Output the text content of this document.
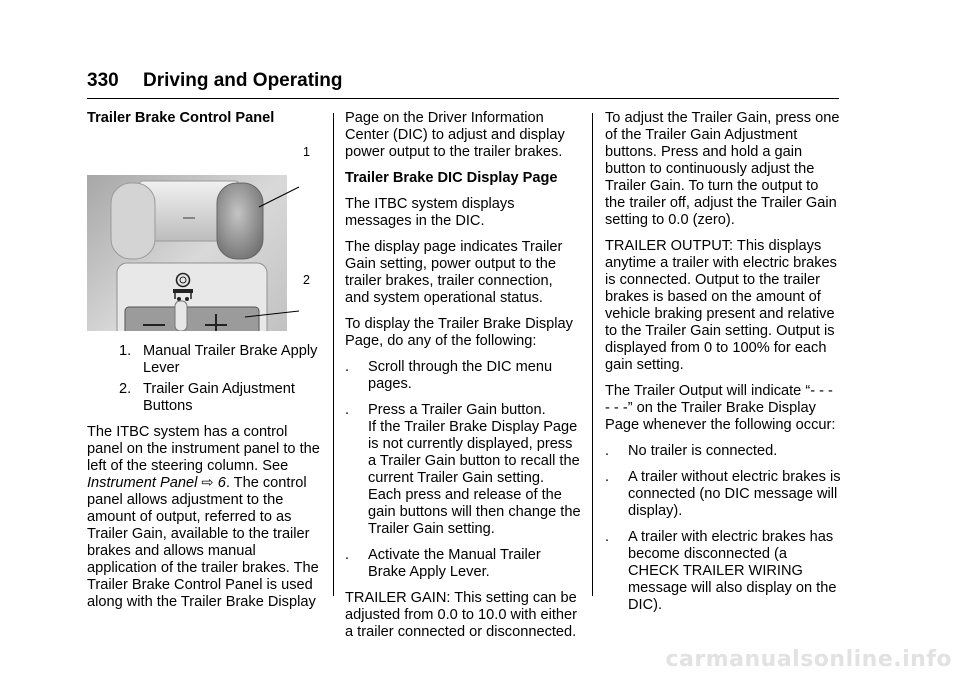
330 Driving and Operating
Trailer Brake Control Panel
1
2
1. Manual Trailer Brake Apply Lever
2. Trailer Gain Adjustment Buttons

The ITBC system has a control panel on the instrument panel to the left of the steering column. See Instrument Panel ⇨ 6. The control panel allows adjustment to the amount of output, referred to as Trailer Gain, available to the trailer brakes and allows manual application of the trailer brakes. The Trailer Brake Control Panel is used along with the Trailer Brake Display

Page on the Driver Information Center (DIC) to adjust and display power output to the trailer brakes.

Trailer Brake DIC Display Page

The ITBC system displays messages in the DIC.

The display page indicates Trailer Gain setting, power output to the trailer brakes, trailer connection, and system operational status.

To display the Trailer Brake Display Page, do any of the following:

. Scroll through the DIC menu pages.
. Press a Trailer Gain button.
If the Trailer Brake Display Page is not currently displayed, press a Trailer Gain button to recall the current Trailer Gain setting. Each press and release of the gain buttons will then change the Trailer Gain setting.
. Activate the Manual Trailer Brake Apply Lever.

TRAILER GAIN: This setting can be adjusted from 0.0 to 10.0 with either a trailer connected or disconnected.

To adjust the Trailer Gain, press one of the Trailer Gain Adjustment buttons. Press and hold a gain button to continuously adjust the Trailer Gain. To turn the output to the trailer off, adjust the Trailer Gain setting to 0.0 (zero).

TRAILER OUTPUT: This displays anytime a trailer with electric brakes is connected. Output to the trailer brakes is based on the amount of vehicle braking present and relative to the Trailer Gain setting. Output is displayed from 0 to 100% for each gain setting.

The Trailer Output will indicate “- - - - - -” on the Trailer Brake Display Page whenever the following occur:

. No trailer is connected.
. A trailer without electric brakes is connected (no DIC message will display).
. A trailer with electric brakes has become disconnected (a CHECK TRAILER WIRING message will also display on the DIC).
carmanualsonline.info
